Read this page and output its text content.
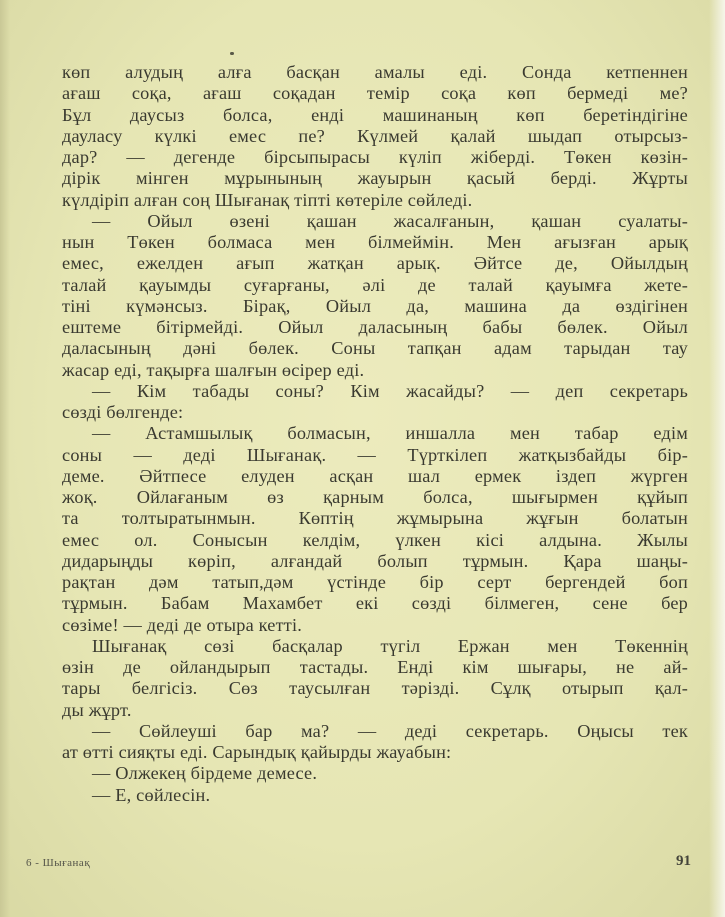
көп алудың алға басқан амалы еді. Сонда кетпеннен
ағаш соқа, ағаш соқадан темір соқа көп бермеді ме?
Бұл даусыз болса, енді машинаның көп беретіндігіне
дауласу күлкі емес пе? Күлмей қалай шыдап отырсыз-
дар? — дегенде бірсыпырасы күліп жіберді. Төкен көзін-
дірік мінген мұрынының жауырын қасый берді. Жұрты
күлдіріп алған соң Шығанақ тіпті көтеріле сөйледі.
— Ойыл өзені қашан жасалғанын, қашан суалаты-
нын Төкен болмаса мен білмеймін. Мен ағызған арық
емес, ежелден ағып жатқан арық. Әйтсе де, Ойылдың
талай қауымды суғарғаны, әлі де талай қауымға жете-
тіні күмәнсыз. Бірақ, Ойыл да, машина да өздігінен
ештеме бітірмейді. Ойыл даласының бабы бөлек. Ойыл
даласының дәні бөлек. Соны тапқан адам тарыдан тау
жасар еді, тақырға шалғын өсірер еді.
— Кім табады соны? Кім жасайды? — деп секретарь
сөзді бөлгенде:
— Астамшылық болмасын, иншалла мен табар едім
соны — деді Шығанақ. — Түрткілеп жатқызбайды бір-
деме. Әйтпесе елуден асқан шал ермек іздеп жүрген
жоқ. Ойлағаным өз қарным болса, шығырмен құйып
та толтыратынмын. Көптің жұмырына жұғын болатын
емес ол. Соныcын келдім, үлкен кісі алдына. Жылы
дидарыңды көріп, алғандай болып тұрмын. Қара шаңы-
рақтан дәм татып,дәм үстінде бір серт бергендей боп
тұрмын. Бабам Махамбет екі сөзді білмеген, сене бер
сөзіме! — деді де отыра кетті.
Шығанақ сөзі басқалар түгіл Ержан мен Төкеннің
өзін де ойландырып тастады. Енді кім шығары, не ай-
тары белгісіз. Сөз таусылған тәрізді. Сұлқ отырып қал-
ды жұрт.
— Сөйлеуші бар ма? — деді секретарь. Оңысы тек
ат өтті сияқты еді. Сарындық қайырды жауабын:
— Олжекең бірдеме демесе.
— Е, сөйлесін.
6 - Шығанақ	91
